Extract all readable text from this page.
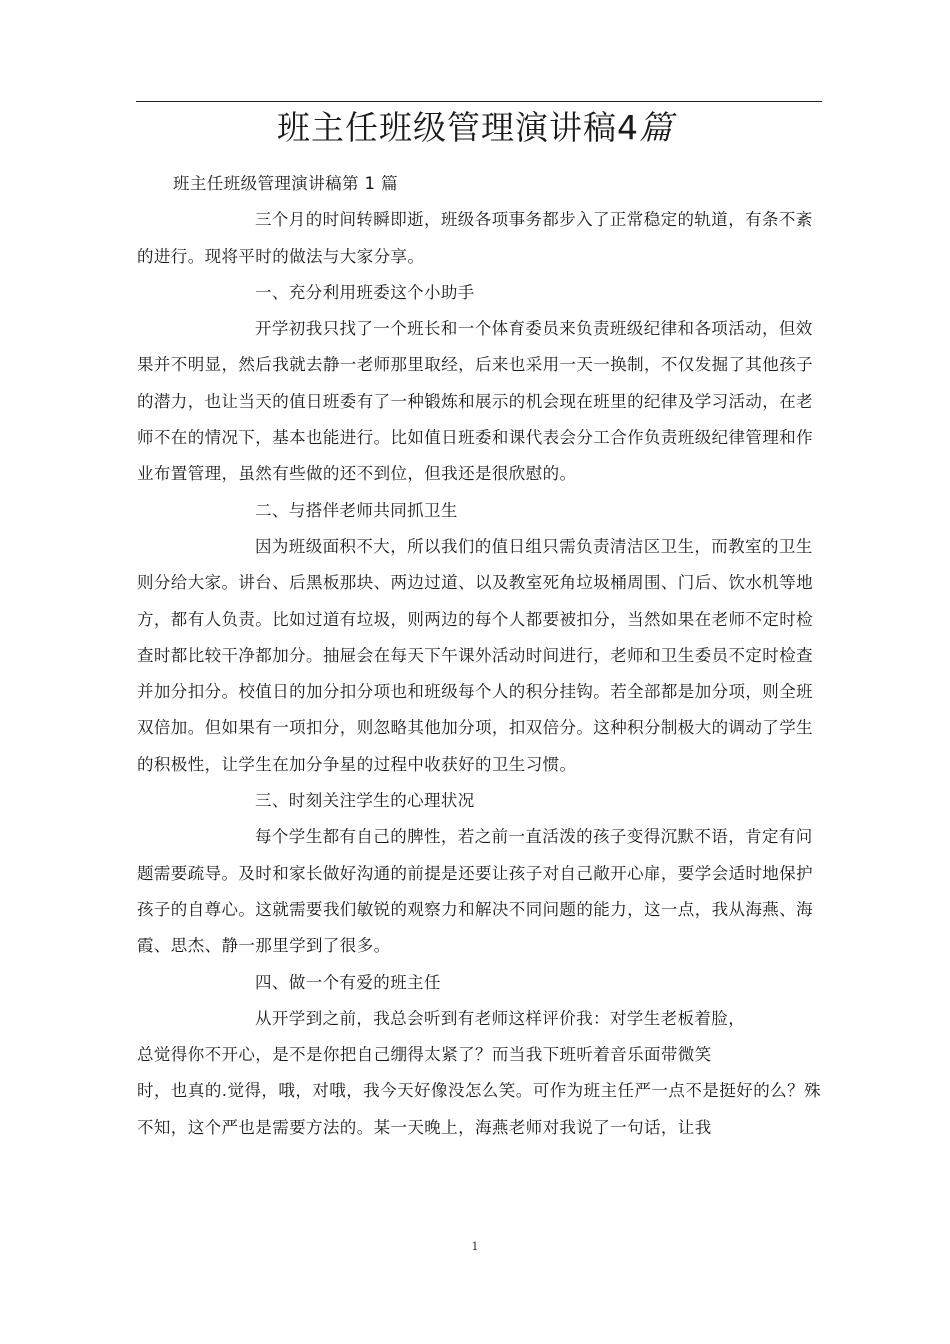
班主任班级管理演讲稿4篇

班主任班级管理演讲稿第 1 篇

三个月的时间转瞬即逝，班级各项事务都步入了正常稳定的轨道，有条不紊的进行。现将平时的做法与大家分享。

一、充分利用班委这个小助手

开学初我只找了一个班长和一个体育委员来负责班级纪律和各项活动，但效果并不明显，然后我就去静一老师那里取经，后来也采用一天一换制，不仅发掘了其他孩子的潜力，也让当天的值日班委有了一种锻炼和展示的机会现在班里的纪律及学习活动，在老师不在的情况下，基本也能进行。比如值日班委和课代表会分工合作负责班级纪律管理和作业布置管理，虽然有些做的还不到位，但我还是很欣慰的。

二、与搭伴老师共同抓卫生

因为班级面积不大，所以我们的值日组只需负责清洁区卫生，而教室的卫生则分给大家。讲台、后黑板那块、两边过道、以及教室死角垃圾桶周围、门后、饮水机等地方，都有人负责。比如过道有垃圾，则两边的每个人都要被扣分，当然如果在老师不定时检查时都比较干净都加分。抽屉会在每天下午课外活动时间进行，老师和卫生委员不定时检查并加分扣分。校值日的加分扣分项也和班级每个人的积分挂钩。若全部都是加分项，则全班双倍加。但如果有一项扣分，则忽略其他加分项，扣双倍分。这种积分制极大的调动了学生的积极性，让学生在加分争星的过程中收获好的卫生习惯。

三、时刻关注学生的心理状况

每个学生都有自己的脾性，若之前一直活泼的孩子变得沉默不语，肯定有问题需要疏导。及时和家长做好沟通的前提是还要让孩子对自己敞开心扉，要学会适时地保护孩子的自尊心。这就需要我们敏锐的观察力和解决不同问题的能力，这一点，我从海燕、海霞、思杰、静一那里学到了很多。

四、做一个有爱的班主任

从开学到之前，我总会听到有老师这样评价我：对学生老板着脸，

总觉得你不开心，是不是你把自己绷得太紧了？而当我下班听着音乐面带微笑

时，也真的.觉得，哦，对哦，我今天好像没怎么笑。可作为班主任严一点不是挺好的么？殊不知，这个严也是需要方法的。某一天晚上，海燕老师对我说了一句话，让我

1
